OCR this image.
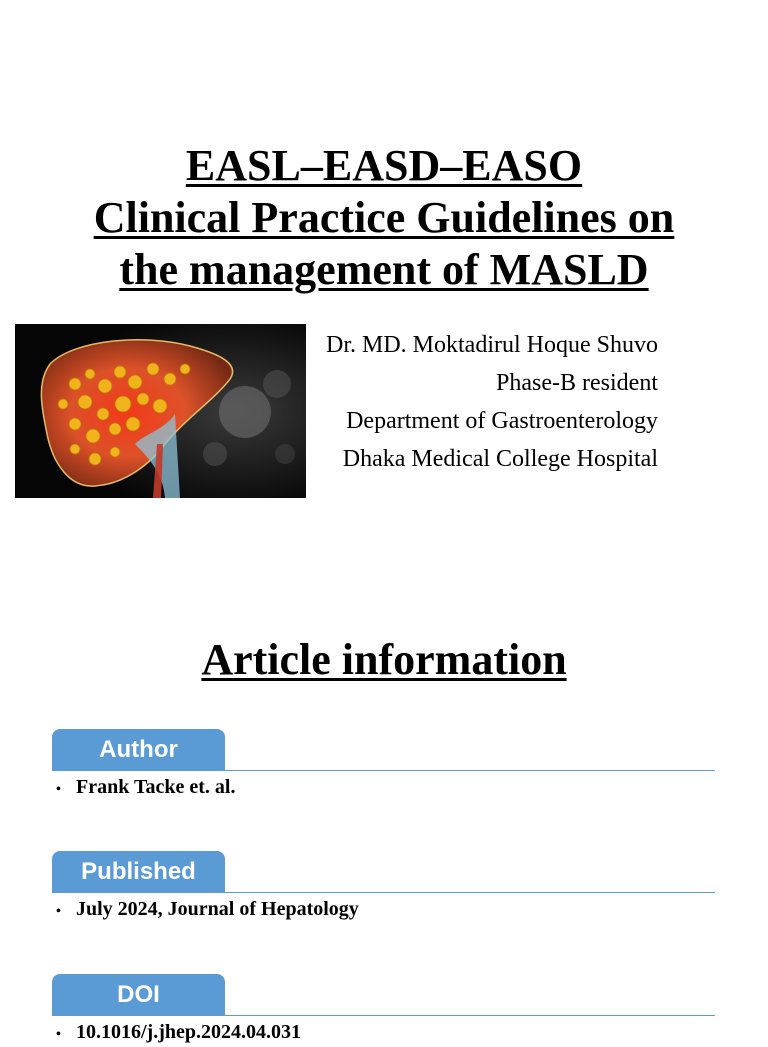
EASL–EASD–EASO
Clinical Practice Guidelines on
the management of MASLD
Dr. MD. Moktadirul Hoque Shuvo
Phase-B resident
Department of Gastroenterology
Dhaka Medical College Hospital
Article information
Author
• Frank Tacke et. al.
Published
• July 2024, Journal of Hepatology
DOI
• 10.1016/j.jhep.2024.04.031
